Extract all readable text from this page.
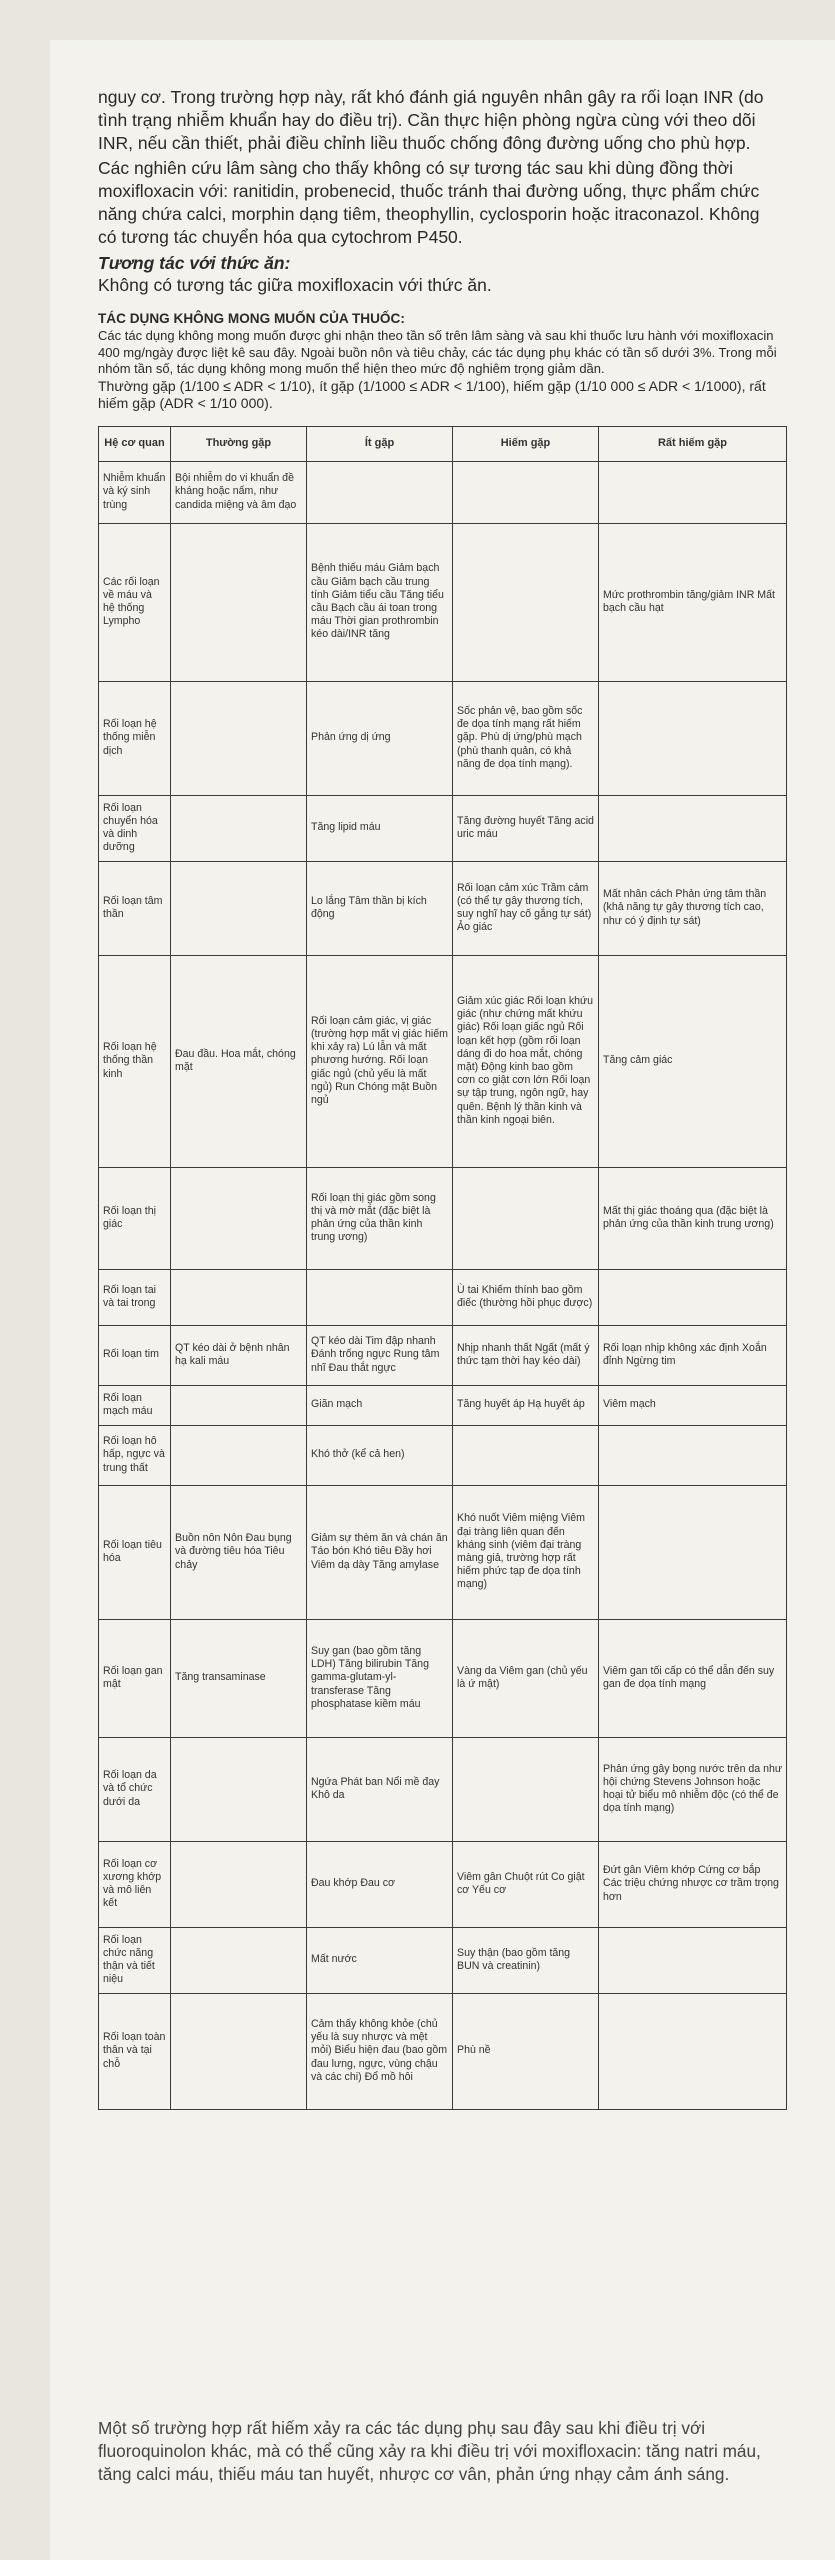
nguy cơ. Trong trường hợp này, rất khó đánh giá nguyên nhân gây ra rối loạn INR (do tình trạng nhiễm khuẩn hay do điều trị). Cần thực hiện phòng ngừa cùng với theo dõi INR, nếu cần thiết, phải điều chỉnh liều thuốc chống đông đường uống cho phù hợp.

Các nghiên cứu lâm sàng cho thấy không có sự tương tác sau khi dùng đồng thời moxifloxacin với: ranitidin, probenecid, thuốc tránh thai đường uống, thực phẩm chức năng chứa calci, morphin dạng tiêm, theophyllin, cyclosporin hoặc itraconazol. Không có tương tác chuyển hóa qua cytochrom P450.

Tương tác với thức ăn:

Không có tương tác giữa moxifloxacin với thức ăn.

TÁC DỤNG KHÔNG MONG MUỐN CỦA THUỐC:

Các tác dụng không mong muốn được ghi nhận theo tần số trên lâm sàng và sau khi thuốc lưu hành với moxifloxacin 400 mg/ngày được liệt kê sau đây. Ngoài buồn nôn và tiêu chảy, các tác dụng phụ khác có tần số dưới 3%. Trong mỗi nhóm tần số, tác dụng không mong muốn thể hiện theo mức độ nghiêm trọng giảm dần.

Thường gặp (1/100 ≤ ADR < 1/10), ít gặp (1/1000 ≤ ADR < 1/100), hiếm gặp (1/10 000 ≤ ADR < 1/1000), rất hiếm gặp (ADR < 1/10 000).

Hệ cơ quan	Thường gặp	Ít gặp	Hiếm gặp	Rất hiếm gặp
Nhiễm khuẩn và ký sinh trùng	Bội nhiễm do vi khuẩn đề kháng hoặc nấm, như candida miệng và âm đạo			
Các rối loạn về máu và hệ thống Lympho		Bệnh thiếu máu Giảm bạch cầu Giảm bạch cầu trung tính Giảm tiểu cầu Tăng tiểu cầu Bạch cầu ái toan trong máu Thời gian prothrombin kéo dài/INR tăng		Mức prothrombin tăng/giảm INR Mất bạch cầu hạt
Rối loạn hệ thống miễn dịch		Phản ứng dị ứng	Sốc phản vệ, bao gồm sốc đe dọa tính mạng rất hiếm gặp. Phù dị ứng/phù mạch (phù thanh quản, có khả năng đe dọa tính mạng).	
Rối loạn chuyển hóa và dinh dưỡng		Tăng lipid máu	Tăng đường huyết Tăng acid uric máu	
Rối loạn tâm thần		Lo lắng Tâm thần bị kích động	Rối loạn cảm xúc Trầm cảm (có thể tự gây thương tích, suy nghĩ hay cố gắng tự sát) Ảo giác	Mất nhân cách Phản ứng tâm thần (khả năng tự gây thương tích cao, như có ý định tự sát)
Rối loạn hệ thống thần kinh	Đau đầu. Hoa mắt, chóng mặt	Rối loạn cảm giác, vị giác (trường hợp mất vị giác hiếm khi xảy ra) Lú lẫn và mất phương hướng. Rối loạn giấc ngủ (chủ yếu là mất ngủ) Run Chóng mặt Buồn ngủ	Giảm xúc giác Rối loạn khứu giác (như chứng mất khứu giác) Rối loạn giấc ngủ Rối loạn kết hợp (gồm rối loạn dáng đi do hoa mắt, chóng mặt) Động kinh bao gồm cơn co giật cơn lớn Rối loạn sự tập trung, ngôn ngữ, hay quên. Bệnh lý thần kinh và thần kinh ngoại biên.	Tăng cảm giác
Rối loạn thị giác		Rối loạn thị giác gồm song thị và mờ mắt (đặc biệt là phản ứng của thần kinh trung ương)		Mất thị giác thoáng qua (đặc biệt là phản ứng của thần kinh trung ương)
Rối loạn tai và tai trong			Ù tai Khiếm thính bao gồm điếc (thường hồi phục được)	
Rối loạn tim	QT kéo dài ở bệnh nhân hạ kali máu	QT kéo dài Tim đập nhanh Đánh trống ngực Rung tâm nhĩ Đau thắt ngực	Nhịp nhanh thất Ngất (mất ý thức tạm thời hay kéo dài)	Rối loạn nhịp không xác định Xoắn đỉnh Ngừng tim
Rối loạn mạch máu		Giãn mạch	Tăng huyết áp Hạ huyết áp	Viêm mạch
Rối loạn hô hấp, ngực và trung thất		Khó thở (kể cả hen)		
Rối loạn tiêu hóa	Buồn nôn Nôn Đau bụng và đường tiêu hóa Tiêu chảy	Giảm sự thèm ăn và chán ăn Táo bón Khó tiêu Đầy hơi Viêm dạ dày Tăng amylase	Khó nuốt Viêm miệng Viêm đại tràng liên quan đến kháng sinh (viêm đại tràng màng giả, trường hợp rất hiếm phức tạp đe dọa tính mạng)	
Rối loạn gan mật	Tăng transaminase	Suy gan (bao gồm tăng LDH) Tăng bilirubin Tăng gamma-glutam-yl-transferase Tăng phosphatase kiềm máu	Vàng da Viêm gan (chủ yếu là ứ mật)	Viêm gan tối cấp có thể dẫn đến suy gan đe dọa tính mạng
Rối loạn da và tổ chức dưới da		Ngứa Phát ban Nổi mề đay Khô da		Phản ứng gây bọng nước trên da như hội chứng Stevens Johnson hoặc hoại tử biểu mô nhiễm độc (có thể đe dọa tính mạng)
Rối loạn cơ xương khớp và mô liên kết		Đau khớp Đau cơ	Viêm gân Chuột rút Co giật cơ Yếu cơ	Đứt gân Viêm khớp Cứng cơ bắp Các triệu chứng nhược cơ trầm trọng hơn
Rối loạn chức năng thận và tiết niệu		Mất nước	Suy thận (bao gồm tăng BUN và creatinin)	
Rối loạn toàn thân và tại chỗ		Cảm thấy không khỏe (chủ yếu là suy nhược và mệt mỏi) Biểu hiện đau (bao gồm đau lưng, ngực, vùng chậu và các chi) Đổ mồ hôi	Phù nề	

Một số trường hợp rất hiếm xảy ra các tác dụng phụ sau đây sau khi điều trị với fluoroquinolon khác, mà có thể cũng xảy ra khi điều trị với moxifloxacin: tăng natri máu, tăng calci máu, thiếu máu tan huyết, nhược cơ vân, phản ứng nhạy cảm ánh sáng.
